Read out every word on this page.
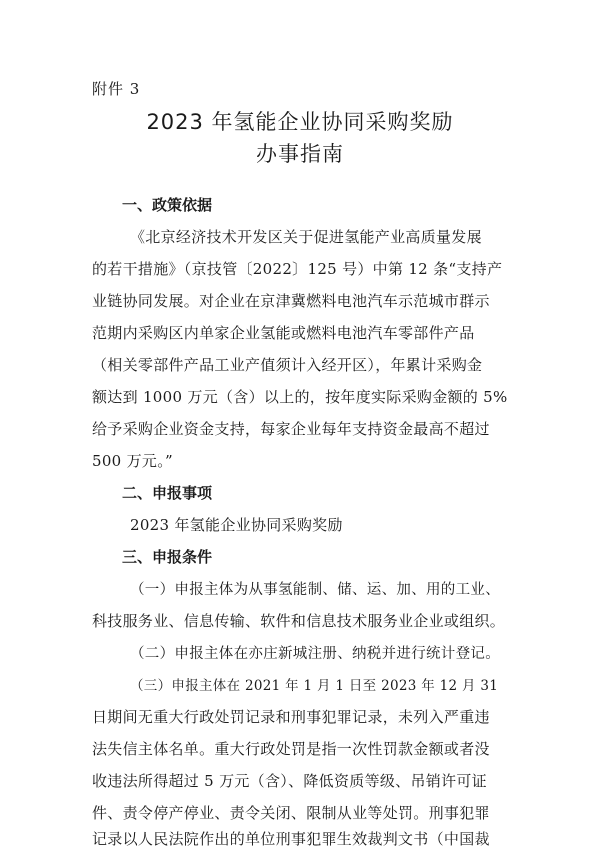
附件 3
2023 年氢能企业协同采购奖励
办事指南
一、政策依据
《北京经济技术开发区关于促进氢能产业高质量发展
的若干措施》（京技管〔2022〕125 号）中第 12 条“支持产
业链协同发展。对企业在京津冀燃料电池汽车示范城市群示
范期内采购区内单家企业氢能或燃料电池汽车零部件产品
（相关零部件产品工业产值须计入经开区），年累计采购金
额达到 1000 万元（含）以上的，按年度实际采购金额的 5%
给予采购企业资金支持，每家企业每年支持资金最高不超过
500 万元。”
二、申报事项
2023 年氢能企业协同采购奖励
三、申报条件
（一）申报主体为从事氢能制、储、运、加、用的工业、
科技服务业、信息传输、软件和信息技术服务业企业或组织。
（二）申报主体在亦庄新城注册、纳税并进行统计登记。
（三）申报主体在 2021 年 1 月 1 日至 2023 年 12 月 31
日期间无重大行政处罚记录和刑事犯罪记录，未列入严重违
法失信主体名单。重大行政处罚是指一次性罚款金额或者没
收违法所得超过 5 万元（含）、降低资质等级、吊销许可证
件、责令停产停业、责令关闭、限制从业等处罚。刑事犯罪
记录以人民法院作出的单位刑事犯罪生效裁判文书（中国裁
